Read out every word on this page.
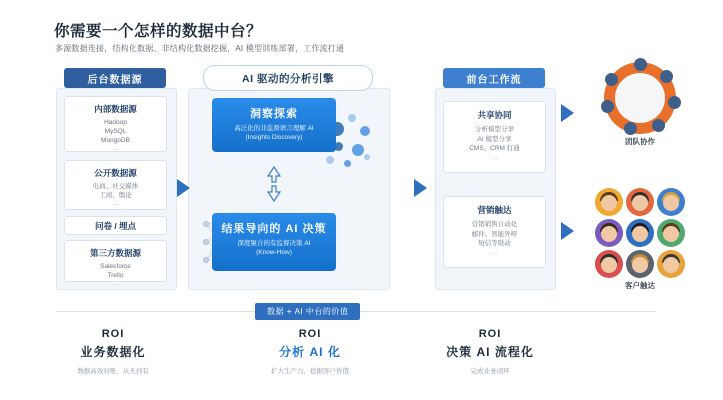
你需要一个怎样的数据中台？
多源数据连接，结构化数据、非结构化数据挖掘，AI 模型训练部署，工作流打通
后台数据源	AI 驱动的分析引擎	前台工作流
内部数据源
Hadoop
MySQL
MongoDB
···
公开数据源
电商、社交媒体
工商、舆论
···
问卷 / 埋点
第三方数据源
Salesforce
Trello
···
洞察探索
高泛化的非监督语言理解 AI
(Insights Discovery)
结果导向的 AI 决策
深度聚合的有监督决策 AI
(Know-How)
共享协同
分析模型分享
AI 模型分享
CMS、CRM 打通
···
营销触达
营销销售自动化
邮件、智能外呼
短信等联动
···
团队协作
客户触达
数据 + AI 中台的价值
ROI
业务数据化
数据高效对账，从无到有
ROI
分析 AI 化
扩大生产力，挖掘客户价值
ROI
决策 AI 流程化
完成业务闭环
